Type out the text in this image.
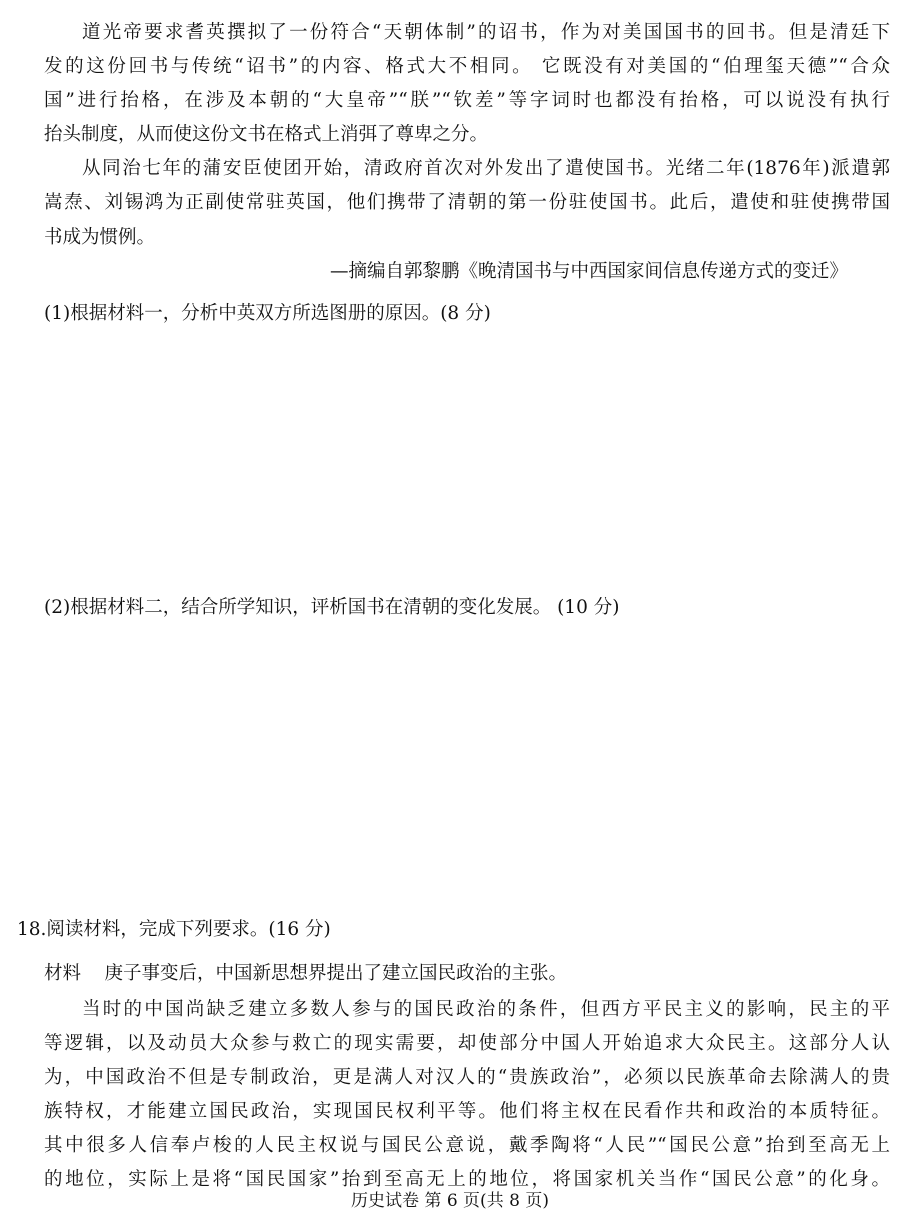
道光帝要求耆英撰拟了一份符合“天朝体制”的诏书，作为对美国国书的回书。但是清廷下
发的这份回书与传统“诏书”的内容、格式大不相同。 它既没有对美国的“伯理玺天德”“合众
国”进行抬格，在涉及本朝的“大皇帝”“朕”“钦差”等字词时也都没有抬格，可以说没有执行
抬头制度，从而使这份文书在格式上消弭了尊卑之分。
从同治七年的蒲安臣使团开始，清政府首次对外发出了遣使国书。光绪二年(1876年)派遣郭
嵩焘、刘锡鸿为正副使常驻英国，他们携带了清朝的第一份驻使国书。此后，遣使和驻使携带国
书成为惯例。
—摘编自郭黎鹏《晚清国书与中西国家间信息传递方式的变迁》
(1)根据材料一，分析中英双方所选图册的原因。(8 分)
(2)根据材料二，结合所学知识，评析国书在清朝的变化发展。 (10 分)
18.阅读材料，完成下列要求。(16 分)
材料    庚子事变后，中国新思想界提出了建立国民政治的主张。
当时的中国尚缺乏建立多数人参与的国民政治的条件，但西方平民主义的影响，民主的平
等逻辑，以及动员大众参与救亡的现实需要，却使部分中国人开始追求大众民主。这部分人认
为，中国政治不但是专制政治，更是满人对汉人的“贵族政治”，必须以民族革命去除满人的贵
族特权，才能建立国民政治，实现国民权利平等。他们将主权在民看作共和政治的本质特征。
其中很多人信奉卢梭的人民主权说与国民公意说，戴季陶将“人民”“国民公意”抬到至高无上
的地位，实际上是将“国民国家”抬到至高无上的地位，将国家机关当作“国民公意”的化身。
历史试卷 第 6 页(共 8 页)
